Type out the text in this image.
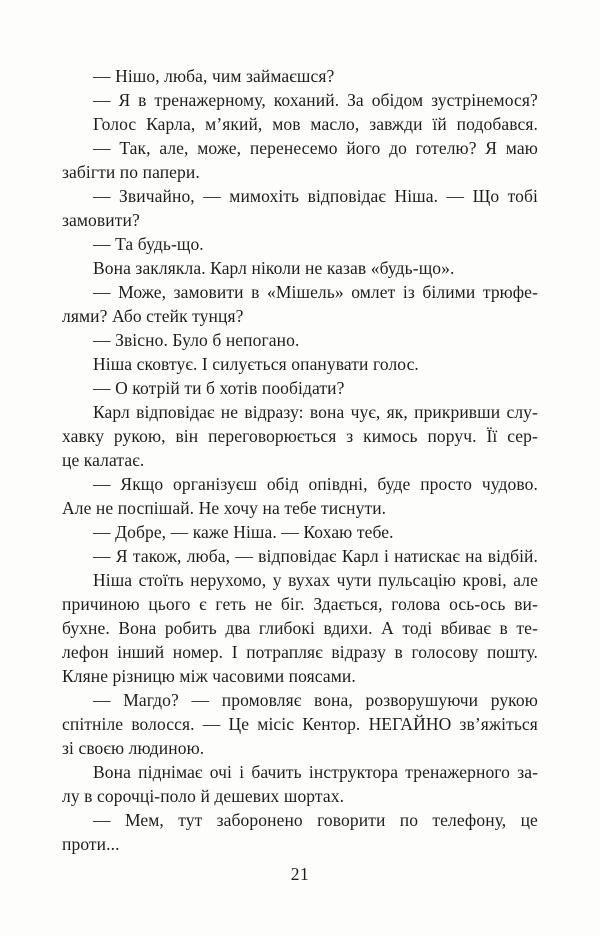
— Нішо, люба, чим займаєшся?
— Я в тренажерному, коханий. За обідом зустрінемося?
Голос Карла, м’який, мов масло, завжди їй подобався.
— Так, але, може, перенесемо його до готелю? Я маю
забігти по папери.
— Звичайно, — мимохіть відповідає Ніша. — Що тобі
замовити?
— Та будь-що.
Вона заклякла. Карл ніколи не казав «будь-що».
— Може, замовити в «Мішель» омлет із білими трюфе-
лями? Або стейк тунця?
— Звісно. Було б непогано.
Ніша сковтує. І силується опанувати голос.
— О котрій ти б хотів пообідати?
Карл відповідає не відразу: вона чує, як, прикривши слу-
хавку рукою, він переговорюється з кимось поруч. Її сер-
це калатає.
— Якщо організуєш обід опівдні, буде просто чудово.
Але не поспішай. Не хочу на тебе тиснути.
— Добре, — каже Ніша. — Кохаю тебе.
— Я також, люба, — відповідає Карл і натискає на відбій.
Ніша стоїть нерухомо, у вухах чути пульсацію крові, але
причиною цього є геть не біг. Здається, голова ось-ось ви-
бухне. Вона робить два глибокі вдихи. А тоді вбиває в те-
лефон інший номер. І потрапляє відразу в голосову пошту.
Кляне різницю між часовими поясами.
— Магдо? — промовляє вона, розворушуючи рукою
спітніле волосся. — Це місіс Кентор. НЕГАЙНО зв’яжіться
зі своєю людиною.
Вона піднімає очі і бачить інструктора тренажерного за-
лу в сорочці-поло й дешевих шортах.
— Мем, тут заборонено говорити по телефону, це
проти...
21
